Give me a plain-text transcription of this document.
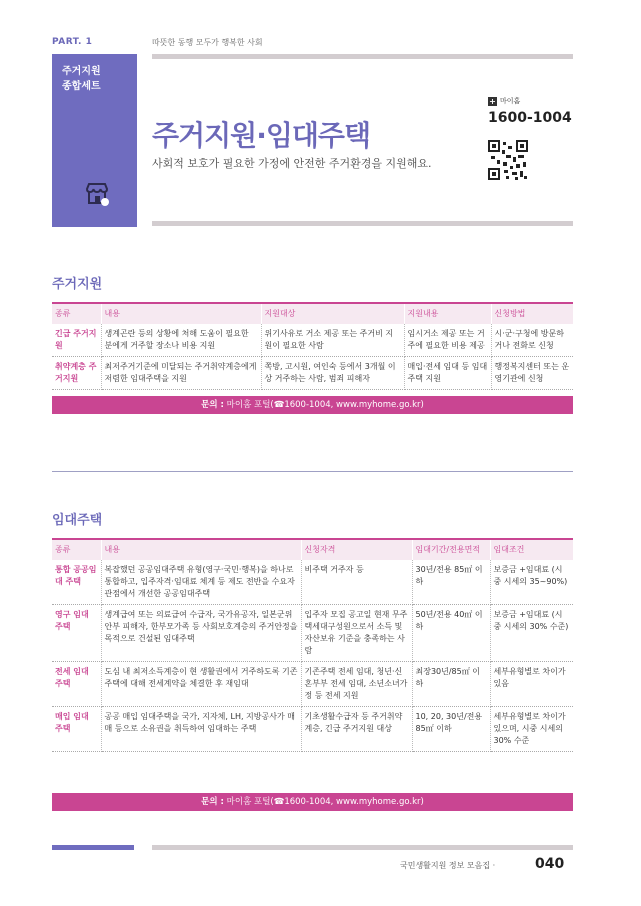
PART. 1	따뜻한 동행 모두가 행복한 사회
주거지원
종합세트
주거지원·임대주택
사회적 보호가 필요한 가정에 안전한 주거환경을 지원해요.
+ 마이홈
1600-1004
주거지원
종류	내용	지원대상	지원내용	신청방법
긴급 주거지원	생계곤란 등의 상황에 처해 도움이 필요한 분에게 거주할 장소나 비용 지원	위기사유로 거소 제공 또는 주거비 지원이 필요한 사람	임시거소 제공 또는 거주에 필요한 비용 제공	시·군·구청에 방문하거나 전화로 신청
취약계층 주거지원	최저주거기준에 미달되는 주거취약계층에게 저렴한 임대주택을 지원	쪽방, 고시원, 여인숙 등에서 3개월 이상 거주하는 사람, 범죄 피해자	매입·전세 임대 등 임대주택 지원	행정복지센터 또는 운영기관에 신청
문의 : 마이홈 포털(☎1600-1004, www.myhome.go.kr)
임대주택
종류	내용	신청자격	임대기간/전용면적	임대조건
통합 공공임대 주택	복잡했던 공공임대주택 유형(영구·국민·행복)을 하나로 통합하고, 입주자격·임대료 체계 등 제도 전반을 수요자 관점에서 개선한 공공임대주택	비주택 거주자 등	30년/전용 85㎡ 이하	보증금 +임대료 (시중 시세의 35~90%)
영구 임대 주택	생계급여 또는 의료급여 수급자, 국가유공자, 일본군위안부 피해자, 한부모가족 등 사회보호계층의 주거안정을 목적으로 건설된 임대주택	입주자 모집 공고일 현재 무주택세대구성원으로서 소득 및 자산보유 기준을 충족하는 사람	50년/전용 40㎡ 이하	보증금 +임대료 (시중 시세의 30% 수준)
전세 임대 주택	도심 내 최저소득계층이 현 생활권에서 거주하도록 기존주택에 대해 전세계약을 체결한 후 재임대	기존주택 전세 임대, 청년·신혼부부 전세 임대, 소년소녀가정 등 전세 지원	최장30년/85㎡ 이하	세부유형별로 차이가 있음
매입 임대 주택	공공 매입 임대주택을 국가, 지자체, LH, 지방공사가 매매 등으로 소유권을 취득하여 임대하는 주택	기초생활수급자 등 주거취약계층, 긴급 주거지원 대상	10, 20, 30년/전용 85㎡ 이하	세부유형별로 차이가 있으며, 시중 시세의 30% 수준
문의 : 마이홈 포털(☎1600-1004, www.myhome.go.kr)
국민생활지원 정보 모음집 ·	040
